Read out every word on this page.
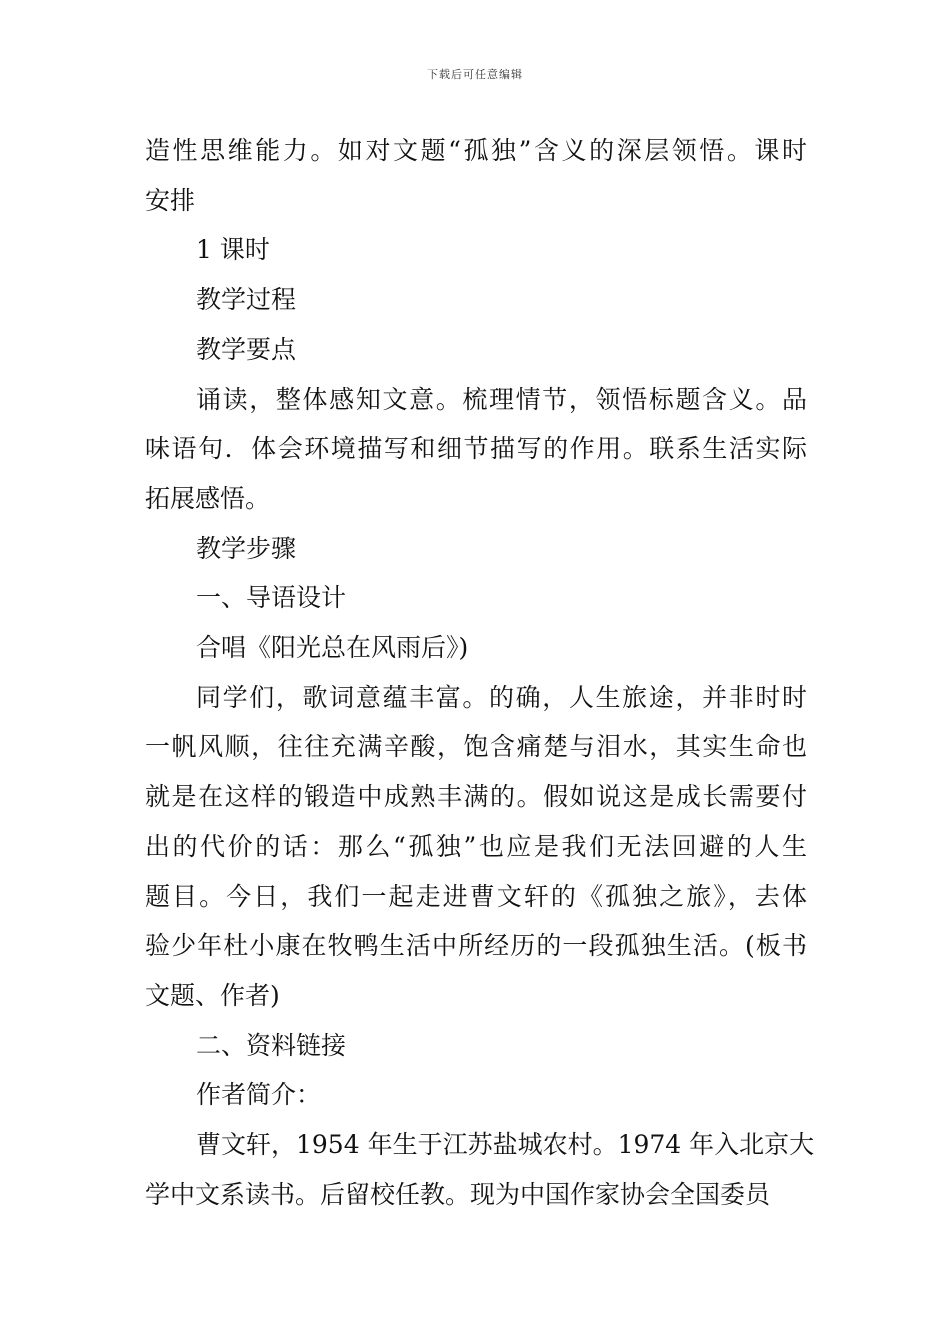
下载后可任意编辑

造性思维能力。如对文题“孤独”含义的深层领悟。课时
安排

1 课时

教学过程

教学要点

诵读，整体感知文意。梳理情节，领悟标题含义。品
味语句．体会环境描写和细节描写的作用。联系生活实际
拓展感悟。

教学步骤

一、导语设计

合唱《阳光总在风雨后》)

同学们，歌词意蕴丰富。的确，人生旅途，并非时时
一帆风顺，往往充满辛酸，饱含痛楚与泪水，其实生命也
就是在这样的锻造中成熟丰满的。假如说这是成长需要付
出的代价的话：那么“孤独”也应是我们无法回避的人生
题目。今日，我们一起走进曹文轩的《孤独之旅》，去体
验少年杜小康在牧鸭生活中所经历的一段孤独生活。(板书
文题、作者)

二、资料链接

作者简介：

曹文轩，1954 年生于江苏盐城农村。1974 年入北京大
学中文系读书。后留校任教。现为中国作家协会全国委员
